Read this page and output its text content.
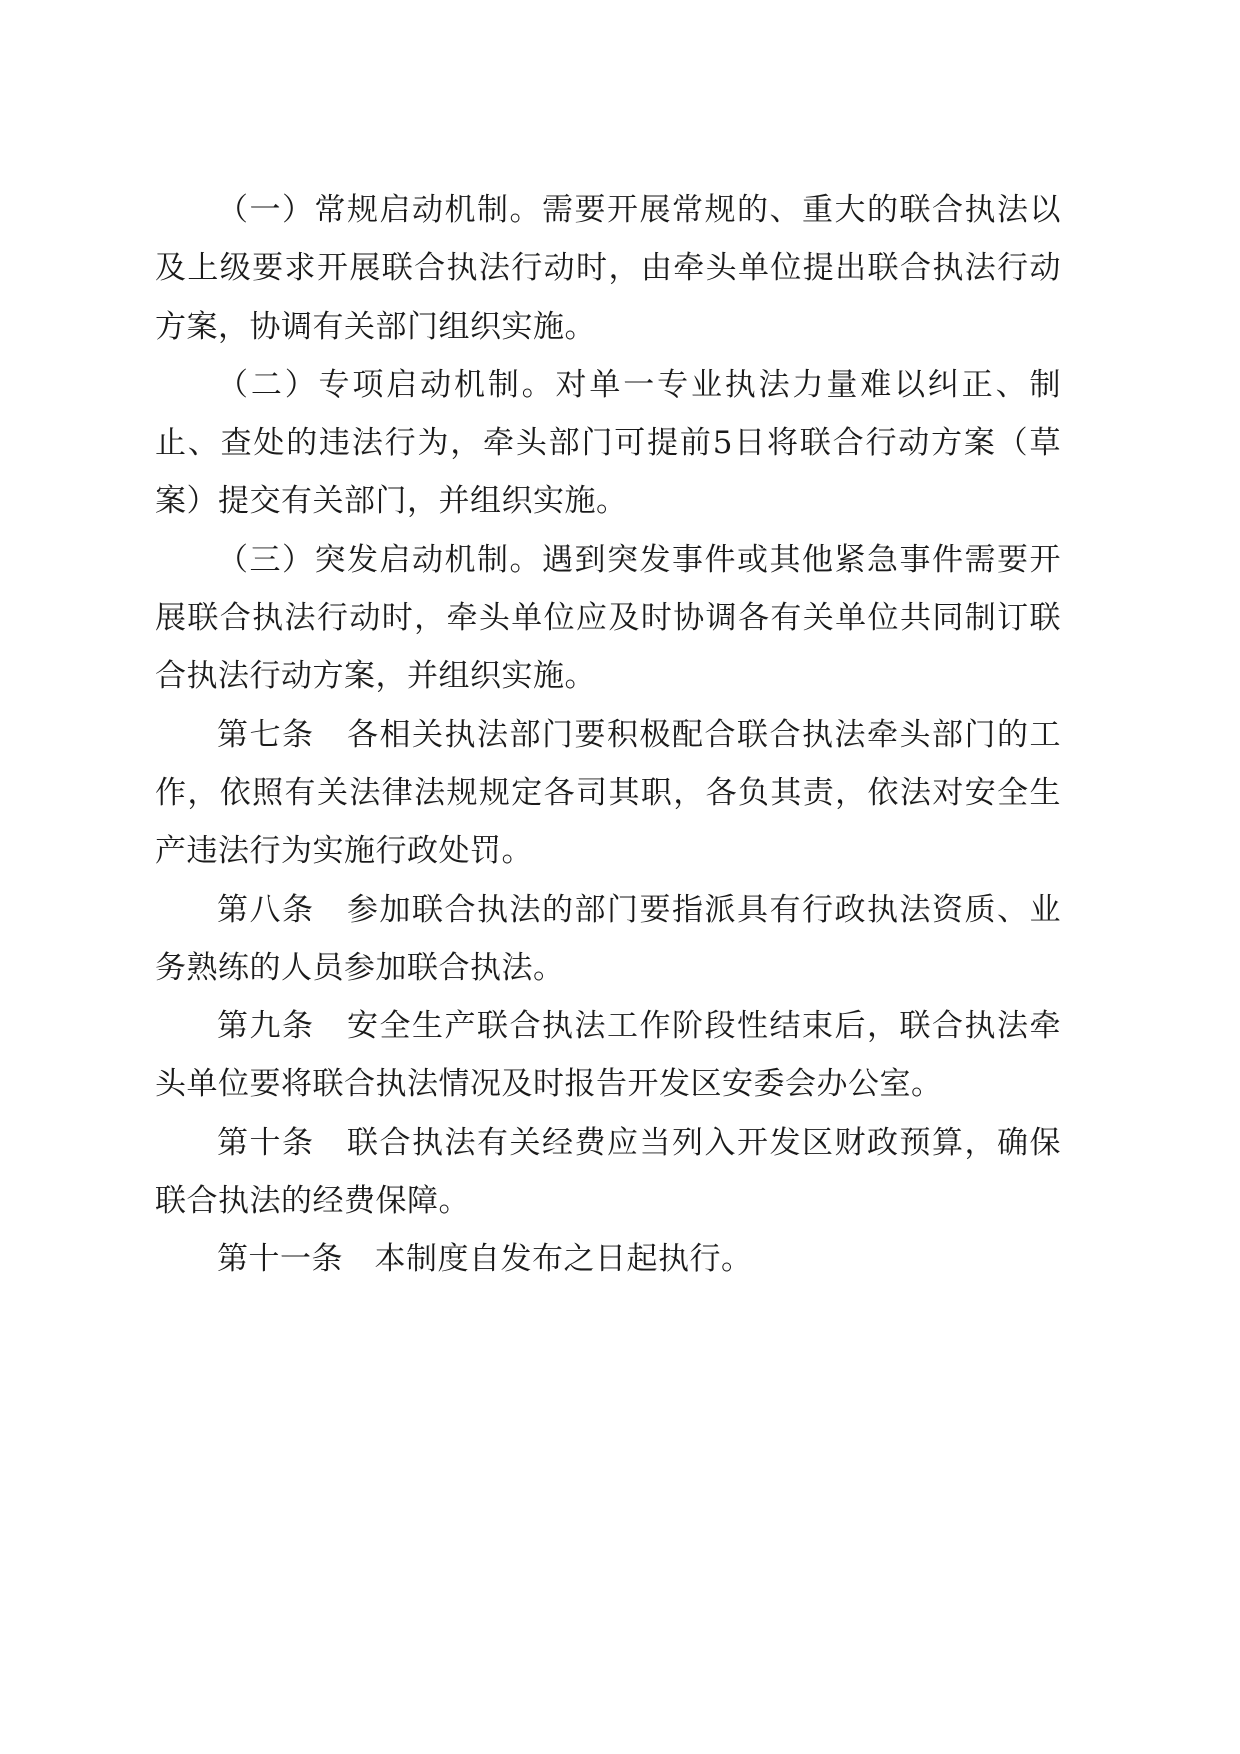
（一）常规启动机制。需要开展常规的、重大的联合执法以及上级要求开展联合执法行动时，由牵头单位提出联合执法行动方案，协调有关部门组织实施。

（二）专项启动机制。对单一专业执法力量难以纠正、制止、查处的违法行为，牵头部门可提前5日将联合行动方案（草案）提交有关部门，并组织实施。

（三）突发启动机制。遇到突发事件或其他紧急事件需要开展联合执法行动时，牵头单位应及时协调各有关单位共同制订联合执法行动方案，并组织实施。

第七条　各相关执法部门要积极配合联合执法牵头部门的工作，依照有关法律法规规定各司其职，各负其责，依法对安全生产违法行为实施行政处罚。

第八条　参加联合执法的部门要指派具有行政执法资质、业务熟练的人员参加联合执法。

第九条　安全生产联合执法工作阶段性结束后，联合执法牵头单位要将联合执法情况及时报告开发区安委会办公室。

第十条　联合执法有关经费应当列入开发区财政预算，确保联合执法的经费保障。

第十一条　本制度自发布之日起执行。
